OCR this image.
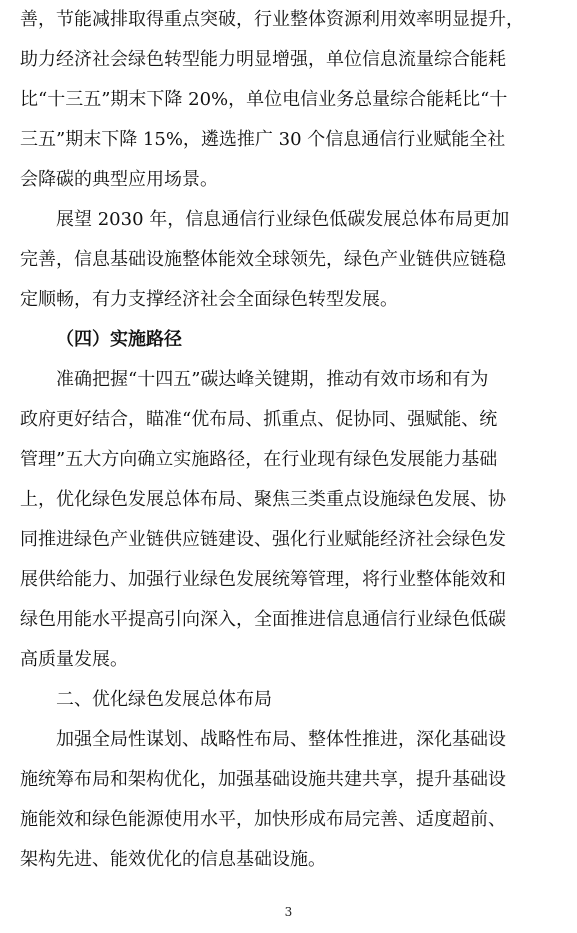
善，节能减排取得重点突破，行业整体资源利用效率明显提升，
助力经济社会绿色转型能力明显增强，单位信息流量综合能耗
比“十三五”期末下降 20%，单位电信业务总量综合能耗比“十
三五”期末下降 15%，遴选推广 30 个信息通信行业赋能全社
会降碳的典型应用场景。
展望 2030 年，信息通信行业绿色低碳发展总体布局更加
完善，信息基础设施整体能效全球领先，绿色产业链供应链稳
定顺畅，有力支撑经济社会全面绿色转型发展。
（四）实施路径
准确把握“十四五”碳达峰关键期，推动有效市场和有为
政府更好结合，瞄准“优布局、抓重点、促协同、强赋能、统
管理”五大方向确立实施路径，在行业现有绿色发展能力基础
上，优化绿色发展总体布局、聚焦三类重点设施绿色发展、协
同推进绿色产业链供应链建设、强化行业赋能经济社会绿色发
展供给能力、加强行业绿色发展统筹管理，将行业整体能效和
绿色用能水平提高引向深入，全面推进信息通信行业绿色低碳
高质量发展。
二、优化绿色发展总体布局
加强全局性谋划、战略性布局、整体性推进，深化基础设
施统筹布局和架构优化，加强基础设施共建共享，提升基础设
施能效和绿色能源使用水平，加快形成布局完善、适度超前、
架构先进、能效优化的信息基础设施。
3
